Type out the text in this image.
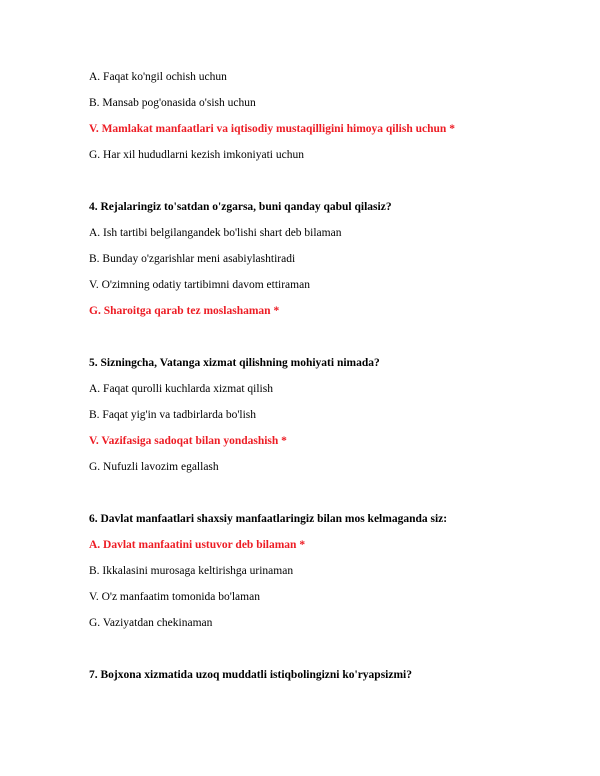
A. Faqat ko'ngil ochish uchun
B. Mansab pog'onasida o'sish uchun
V. Mamlakat manfaatlari va iqtisodiy mustaqilligini himoya qilish uchun *
G. Har xil hududlarni kezish imkoniyati uchun
4. Rejalaringiz to'satdan o'zgarsa, buni qanday qabul qilasiz?
A. Ish tartibi belgilangandek bo'lishi shart deb bilaman
B. Bunday o'zgarishlar meni asabiylashtiradi
V. O'zimning odatiy tartibimni davom ettiraman
G. Sharoitga qarab tez moslashaman *
5. Sizningcha, Vatanga xizmat qilishning mohiyati nimada?
A. Faqat qurolli kuchlarda xizmat qilish
B. Faqat yig'in va tadbirlarda bo'lish
V. Vazifasiga sadoqat bilan yondashish *
G. Nufuzli lavozim egallash
6. Davlat manfaatlari shaxsiy manfaatlaringiz bilan mos kelmaganda siz:
A. Davlat manfaatini ustuvor deb bilaman *
B. Ikkalasini murosaga keltirishga urinaman
V. O'z manfaatim tomonida bo'laman
G. Vaziyatdan chekinaman
7. Bojxona xizmatida uzoq muddatli istiqbolingizni ko'ryapsizmi?
